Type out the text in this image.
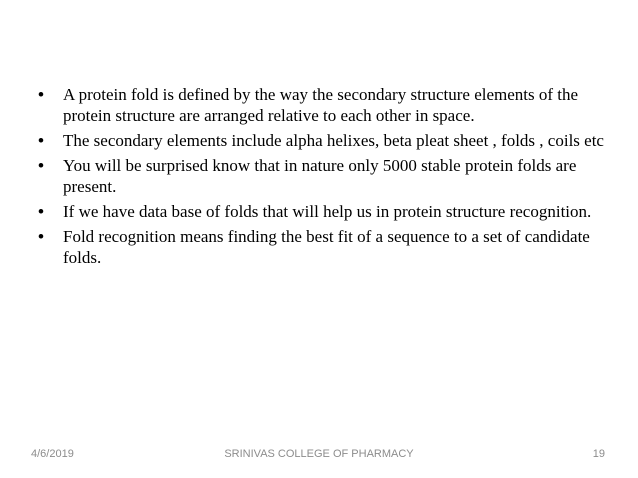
• A protein fold is defined by the way the secondary structure elements of the protein structure are arranged relative to each other in space.
• The secondary elements include alpha helixes, beta pleat sheet , folds , coils etc
• You will be surprised know that in nature only 5000 stable protein folds are present.
• If we have data base of folds that will help us in protein structure recognition.
• Fold recognition means finding the best fit of a sequence to a set of candidate folds.
4/6/2019	SRINIVAS COLLEGE OF PHARMACY	19
